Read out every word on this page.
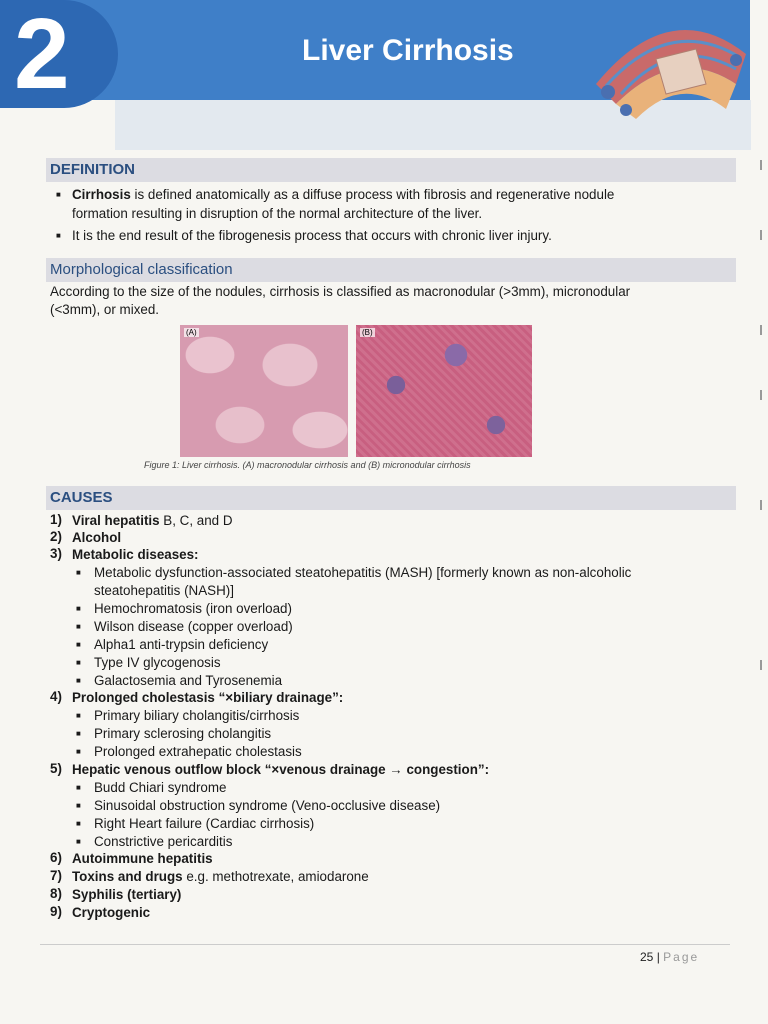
2	Liver Cirrhosis
DEFINITION
■ Cirrhosis is defined anatomically as a diffuse process with fibrosis and regenerative nodule
formation resulting in disruption of the normal architecture of the liver.
■ It is the end result of the fibrogenesis process that occurs with chronic liver injury.
Morphological classification
According to the size of the nodules, cirrhosis is classified as macronodular (>3mm), micronodular
(<3mm), or mixed.
(A)	(B)
Figure 1: Liver cirrhosis. (A) macronodular cirrhosis and (B) micronodular cirrhosis
CAUSES
1) Viral hepatitis B, C, and D
2) Alcohol
3) Metabolic diseases:
■ Metabolic dysfunction-associated steatohepatitis (MASH) [formerly known as non-alcoholic
steatohepatitis (NASH)]
■ Hemochromatosis (iron overload)
■ Wilson disease (copper overload)
■ Alpha1 anti-trypsin deficiency
■ Type IV glycogenosis
■ Galactosemia and Tyrosenemia
4) Prolonged cholestasis “×biliary drainage”:
■ Primary biliary cholangitis/cirrhosis
■ Primary sclerosing cholangitis
■ Prolonged extrahepatic cholestasis
5) Hepatic venous outflow block “×venous drainage → congestion”:
■ Budd Chiari syndrome
■ Sinusoidal obstruction syndrome (Veno-occlusive disease)
■ Right Heart failure (Cardiac cirrhosis)
■ Constrictive pericarditis
6) Autoimmune hepatitis
7) Toxins and drugs e.g. methotrexate, amiodarone
8) Syphilis (tertiary)
9) Cryptogenic
25 | Page
